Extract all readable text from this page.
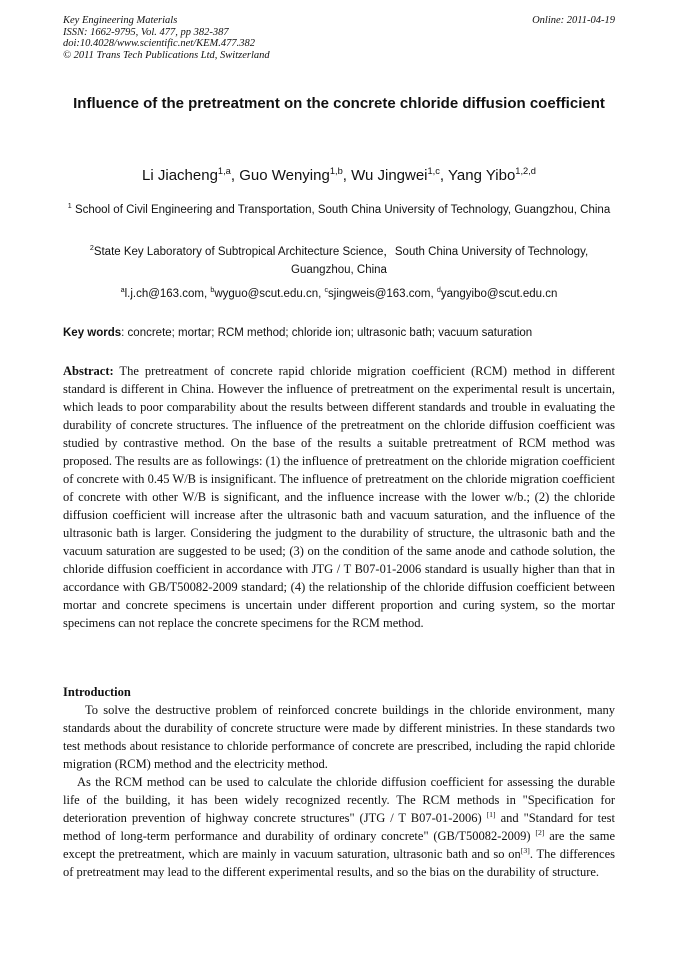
Key Engineering Materials
ISSN: 1662-9795, Vol. 477, pp 382-387
doi:10.4028/www.scientific.net/KEM.477.382
© 2011 Trans Tech Publications Ltd, Switzerland
Online: 2011-04-19
Influence of the pretreatment on the concrete chloride diffusion coefficient
Li Jiacheng$^{1,a}$, Guo Wenying$^{1,b}$, Wu Jingwei$^{1,c}$, Yang Yibo$^{1,2,d}$
$^1$ School of Civil Engineering and Transportation, South China University of Technology, Guangzhou, China
$^2$State Key Laboratory of Subtropical Architecture Science，South China University of Technology, Guangzhou, China
$^a$l.j.ch@163.com, $^b$wyguo@scut.edu.cn, $^c$sjingweis@163.com, $^d$yangyibo@scut.edu.cn
Key words: concrete; mortar; RCM method; chloride ion; ultrasonic bath; vacuum saturation

Abstract: The pretreatment of concrete rapid chloride migration coefficient (RCM) method in different standard is different in China. However the influence of pretreatment on the experimental result is uncertain, which leads to poor comparability about the results between different standards and trouble in evaluating the durability of concrete structures. The influence of the pretreatment on the chloride diffusion coefficient was studied by contrastive method. On the base of the results a suitable pretreatment of RCM method was proposed. The results are as followings: (1) the influence of pretreatment on the chloride migration coefficient of concrete with 0.45 W/B is insignificant. The influence of pretreatment on the chloride migration coefficient of concrete with other W/B is significant, and the influence increase with the lower w/b.; (2) the chloride diffusion coefficient will increase after the ultrasonic bath and vacuum saturation, and the influence of the ultrasonic bath is larger. Considering the judgment to the durability of structure, the ultrasonic bath and the vacuum saturation are suggested to be used; (3) on the condition of the same anode and cathode solution, the chloride diffusion coefficient in accordance with JTG / T B07-01-2006 standard is usually higher than that in accordance with GB/T50082-2009 standard; (4) the relationship of the chloride diffusion coefficient between mortar and concrete specimens is uncertain under different proportion and curing system, so the mortar specimens can not replace the concrete specimens for the RCM method.

Introduction

To solve the destructive problem of reinforced concrete buildings in the chloride environment, many standards about the durability of concrete structure were made by different ministries. In these standards two test methods about resistance to chloride performance of concrete are prescribed, including the rapid chloride migration (RCM) method and the electricity method.

As the RCM method can be used to calculate the chloride diffusion coefficient for assessing the durable life of the building, it has been widely recognized recently. The RCM methods in "Specification for deterioration prevention of highway concrete structures" (JTG / T B07-01-2006) [1] and "Standard for test method of long-term performance and durability of ordinary concrete" (GB/T50082-2009) [2] are the same except the pretreatment, which are mainly in vacuum saturation, ultrasonic bath and so on[3]. The differences of pretreatment may lead to the different experimental results, and so the bias on the durability of structure.
